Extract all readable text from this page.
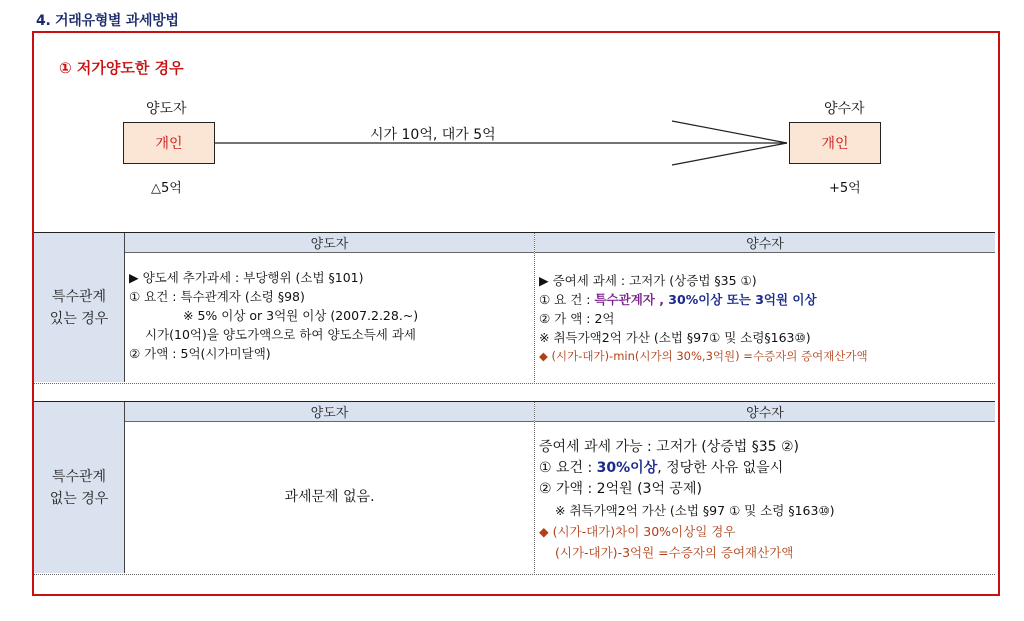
4. 거래유형별 과세방법
① 저가양도한 경우
양도자	양수자
개인	개인
시가 10억, 대가 5억
△5억	+5억
특수관계
있는 경우
양도자	양수자
▶ 양도세 추가과세 : 부당행위 (소법 §101)
① 요건 : 특수관계자 (소령 §98)
※ 5% 이상 or 3억원 이상 (2007.2.28.~)
시가(10억)을 양도가액으로 하여 양도소득세 과세
② 가액 : 5억(시가미달액)
▶ 증여세 과세 : 고저가 (상증법 §35 ①)
① 요 건 : 특수관계자 , 30%이상 또는 3억원 이상
② 가 액 : 2억
※ 취득가액2억 가산 (소법 §97① 및 소령§163⑩)
◆ (시가-대가)-min(시가의 30%,3억원) =수증자의 증여재산가액
특수관계
없는 경우
양도자	양수자
과세문제 없음.
증여세 과세 가능 : 고저가 (상증법 §35 ②)
① 요건 : 30%이상, 정당한 사유 없을시
② 가액 : 2억원 (3억 공제)
※ 취득가액2억 가산 (소법 §97 ① 및 소령 §163⑩)
◆ (시가-대가)차이 30%이상일 경우
(시가-대가)-3억원 =수증자의 증여재산가액
